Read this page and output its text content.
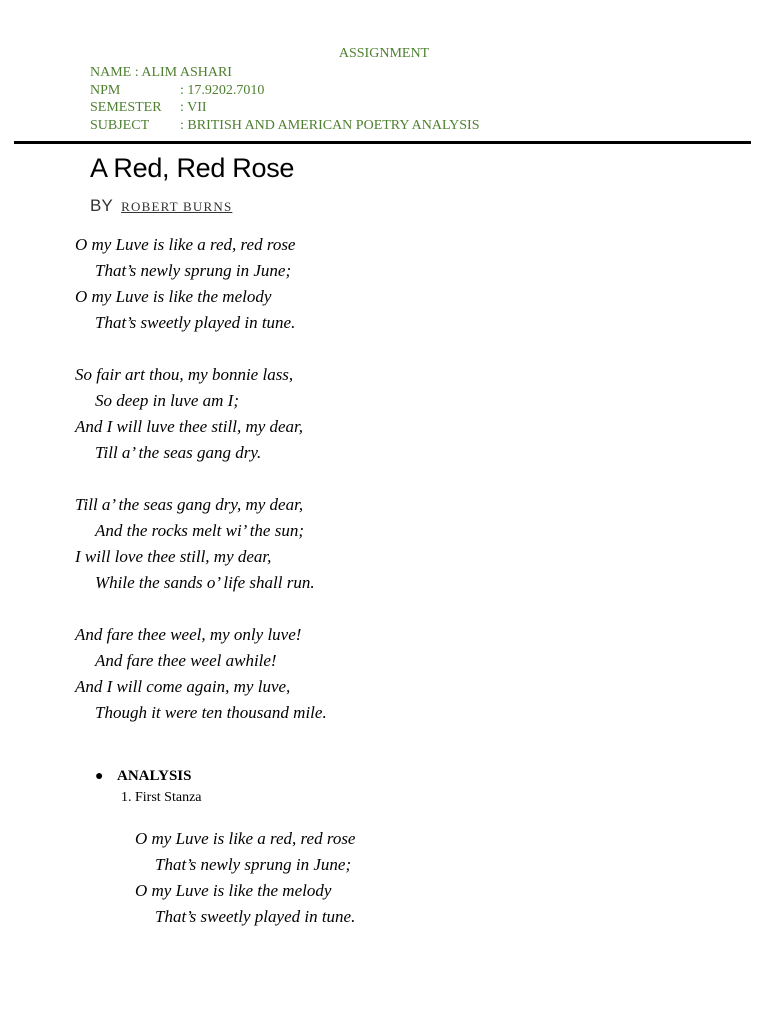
ASSIGNMENT
NAME : ALIM ASHARI
NPM	: 17.9202.7010
SEMESTER	: VII
SUBJECT	: BRITISH AND AMERICAN POETRY ANALYSIS
A Red, Red Rose
BY ROBERT BURNS
O my Luve is like a red, red rose
That’s newly sprung in June;
O my Luve is like the melody
That’s sweetly played in tune.
So fair art thou, my bonnie lass,
So deep in luve am I;
And I will luve thee still, my dear,
Till a’ the seas gang dry.
Till a’ the seas gang dry, my dear,
And the rocks melt wi’ the sun;
I will love thee still, my dear,
While the sands o’ life shall run.
And fare thee weel, my only luve!
And fare thee weel awhile!
And I will come again, my luve,
Though it were ten thousand mile.
● ANALYSIS
1. First Stanza
O my Luve is like a red, red rose
That’s newly sprung in June;
O my Luve is like the melody
That’s sweetly played in tune.
